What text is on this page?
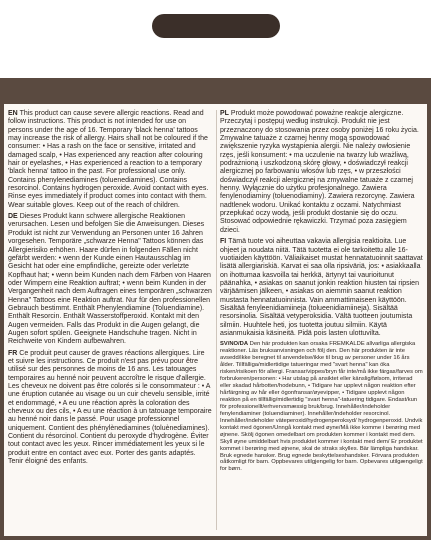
EN This product can cause severe allergic reactions. Read and follow instructions. This product is not intended for use on persons under the age of 16. Temporary 'black henna' tattoos may increase the risk of allergy. Hairs shall not be coloured if the consumer: • Has a rash on the face or sensitive, irritated and damaged scalp, • Has experienced any reaction after colouring hair or eyelashes, • Has experienced a reaction to a temporary 'black henna' tattoo in the past. For professional use only. Contains phenylenediamines (toluenediamines). Contains resorcinol. Contains hydrogen peroxide. Avoid contact with eyes. Rinse eyes immediately if product comes into contact with them. Wear suitable gloves. Keep out of the reach of children.

DE Dieses Produkt kann schwere allergische Reaktionen verursachen. Lesen und befolgen Sie die Anweisungen. Dieses Produkt ist nicht zur Verwendung an Personen unter 16 Jahren vorgesehen. Temporäre „schwarze Henna" Tattoos können das Allergierisiko erhöhen. Haare dürfen in folgenden Fällen nicht gefärbt werden: • wenn der Kunde einen Hautausschlag im Gesicht hat oder eine empfindliche, gereizte oder verletzte Kopfhaut hat; • wenn beim Kunden nach dem Färben von Haaren oder Wimpern eine Reaktion auftrat; • wenn beim Kunden in der Vergangenheit nach dem Auftragen eines temporären „schwarzen Henna" Tattoos eine Reaktion auftrat. Nur für den professionellen Gebrauch bestimmt. Enthält Phenylendiamine (Toluendiamine). Enthält Resorcin. Enthält Wasserstoffperoxid. Kontakt mit den Augen vermeiden. Falls das Produkt in die Augen gelangt, die Augen sofort spülen. Geeignete Handschuhe tragen. Nicht in Reichweite von Kindern aufbewahren.

FR Ce produit peut causer de graves réactions allergiques. Lire et suivre les instructions. Ce produit n'est pas prévu pour être utilisé sur des personnes de moins de 16 ans. Les tatouages temporaires au henné noir peuvent accroître le risque d'allergie. Les cheveux ne doivent pas être colorés si le consommateur : • A une éruption cutanée au visage ou un cuir chevelu sensible, irrité et endommagé, • A eu une réaction après la coloration des cheveux ou des cils, • A eu une réaction à un tatouage temporaire au henné noir dans le passé. Pour usage professionnel uniquement. Contient des phénylènediamines (toluènediamines). Contient du résorcinol. Contient du peroxyde d'hydrogène. Éviter tout contact avec les yeux. Rincer immédiatement les yeux si le produit entre en contact avec eux. Porter des gants adaptés. Tenir éloigné des enfants.

PL Produkt może powodować poważne reakcje alergiczne. Przeczytaj i postępuj według instrukcji. Produkt nie jest przeznaczony do stosowania przez osoby poniżej 16 roku życia. Zmywalne tatuaże z czarnej henny mogą spowodować zwiększenie ryzyka wystąpienia alergii. Nie należy owłosienie rzęs, jeśli konsument: • ma uczulenie na twarzy lub wrażliwą, podrażnioną i uszkodzoną skórę głowy, • doświadczył reakcji alergicznej po farbowaniu włosów lub rzęs, • w przeszłości doświadczył reakcji alergicznej na zmywalne tatuaże z czarnej henny. Wyłącznie do użytku profesjonalnego. Zawiera fenylenodiaminy (toluenodiaminy). Zawiera rezorcynę. Zawiera nadtlenek wodoru. Unikać kontaktu z oczami. Natychmiast przepłukać oczy wodą, jeśli produkt dostanie się do oczu. Stosować odpowiednie rękawiczki. Trzymać poza zasięgiem dzieci.

FI Tämä tuote voi aiheuttaa vakavia allergisia reaktioita. Lue ohjeet ja noudata niitä. Tätä tuotetta ei ole tarkoitettu alle 16-vuotiaiden käyttöön. Väliaikaiset mustat hennatatuoinnit saattavat lisätä allergiariskiä. Karvat ei saa olla ripsiväriä, jos: • asiakkaalla on ihottumaa kasvoilla tai herkkä, ärtynyt tai vaurioitunut päänahka, • asiakas on saanut jonkin reaktion hiusten tai ripsien värjäämisen jälkeen, • asiakas on aiemmin saanut reaktion mustasta hennatatuoinnista. Vain ammattimaiseen käyttöön. Sisältää fenyleenidiamiineja (tolueenidiamiineja). Sisältää resorsinolia. Sisältää vetyperoksidia. Vältä tuotteen joutumista silmiin. Huuhtele heti, jos tuotetta joutuu silmiin. Käytä asianmukaisia käsineitä. Pidä pois lasten ulottuvilta.

SV/NO/DA Den här produkten kan orsaka FREMKALDE allvarliga allergiska reaktioner. Läs bruksanvisningen och följ den. Den här produkten är inte avsedd/ikke beregnet til anvendelse/ikke til brug av personer under 16 års ålder. Tillfälliga/midlertidige tatueringar med "svart henna" kan öka risken/risikoen för allergi. Fransar/vippes/bryn får inte/må ikke färgas/farves om forbrukeren/personen: • Har utslag på ansiktet eller känslig/følsom, irriterad eller skadad hårbotten/hodebunn, • Tidigare har upplevt någon reaktion efter hårfärgning av hår eller ögonfransar/øyevipper, • Tidigare upplevt någon reaktion på en tillfällig/midlertidig "svart henna"-tatuering tidigare. Endast/kun för professionellt/erhvervsmæssig bruk/brug. Innehåller/indeholder fenylendiaminer (toluendiaminer). Innehåller/indeholder resorcinol. Innehåller/indeholder väteperoxid/hydrogenperoksyd/ hydrogenperoxid. Undvik kontakt med ögonen/Unngå kontakt med øyne/Må ikke komme i berøring med øjnene. Skölj ögonen omedelbart om produkten kommer i kontakt med dem. Skyll øyne umiddelbart hvis produktet kommer i kontakt med dem/ Er produktet kommet i berøring med øjnene, skal de straks skylles. Bär lämpliga handskar. Bruk egnede hansker. Brug egnede beskyttelseshandsker. Förvara produkten oåtkomligt för barn. Oppbevares utilgjengelig for barn. Opbevares utilgængeligt for børn.
